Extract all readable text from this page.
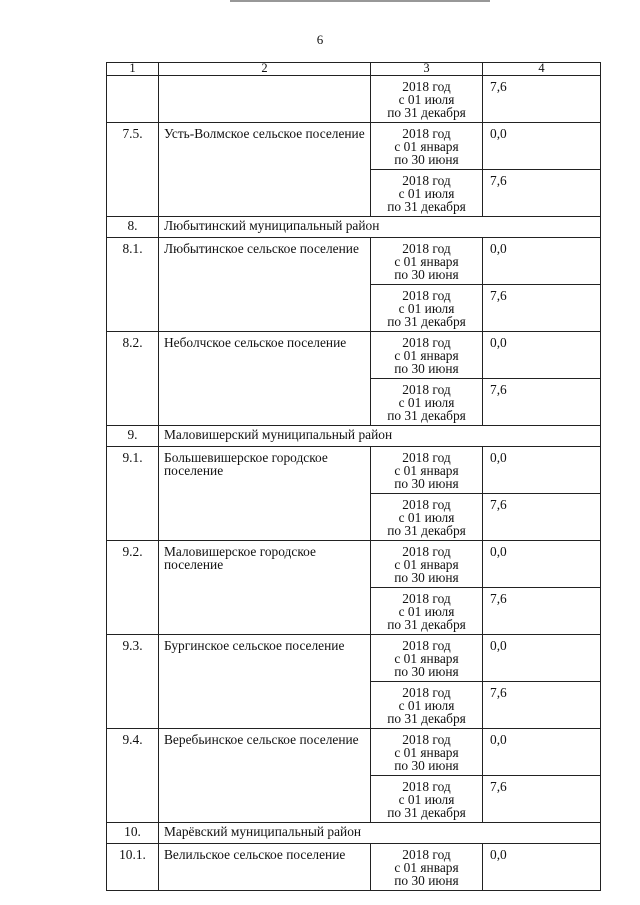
6
1	2	3	4

		2018 год
с 01 июля
по 31 декабря	7,6
7.5.	Усть-Волмское сельское поселение	2018 год
с 01 января
по 30 июня	0,0

		2018 год
с 01 июля
по 31 декабря	7,6
8.	Любытинский муниципальный район		
8.1.	Любытинское сельское поселение	2018 год
с 01 января
по 30 июня	0,0

		2018 год
с 01 июля
по 31 декабря	7,6
8.2.	Неболчское сельское поселение	2018 год
с 01 января
по 30 июня	0,0

		2018 год
с 01 июля
по 31 декабря	7,6
9.	Маловишерский муниципальный район		
9.1.	Большевишерское городское поселение	2018 год
с 01 января
по 30 июня	0,0

		2018 год
с 01 июля
по 31 декабря	7,6
9.2.	Маловишерское городское поселение	2018 год
с 01 января
по 30 июня	0,0

		2018 год
с 01 июля
по 31 декабря	7,6
9.3.	Бургинское сельское поселение	2018 год
с 01 января
по 30 июня	0,0

		2018 год
с 01 июля
по 31 декабря	7,6
9.4.	Веребьинское сельское поселение	2018 год
с 01 января
по 30 июня	0,0

		2018 год
с 01 июля
по 31 декабря	7,6
10.	Марёвский муниципальный район		
10.1.	Велильское сельское поселение	2018 год
с 01 января
по 30 июня	0,0
